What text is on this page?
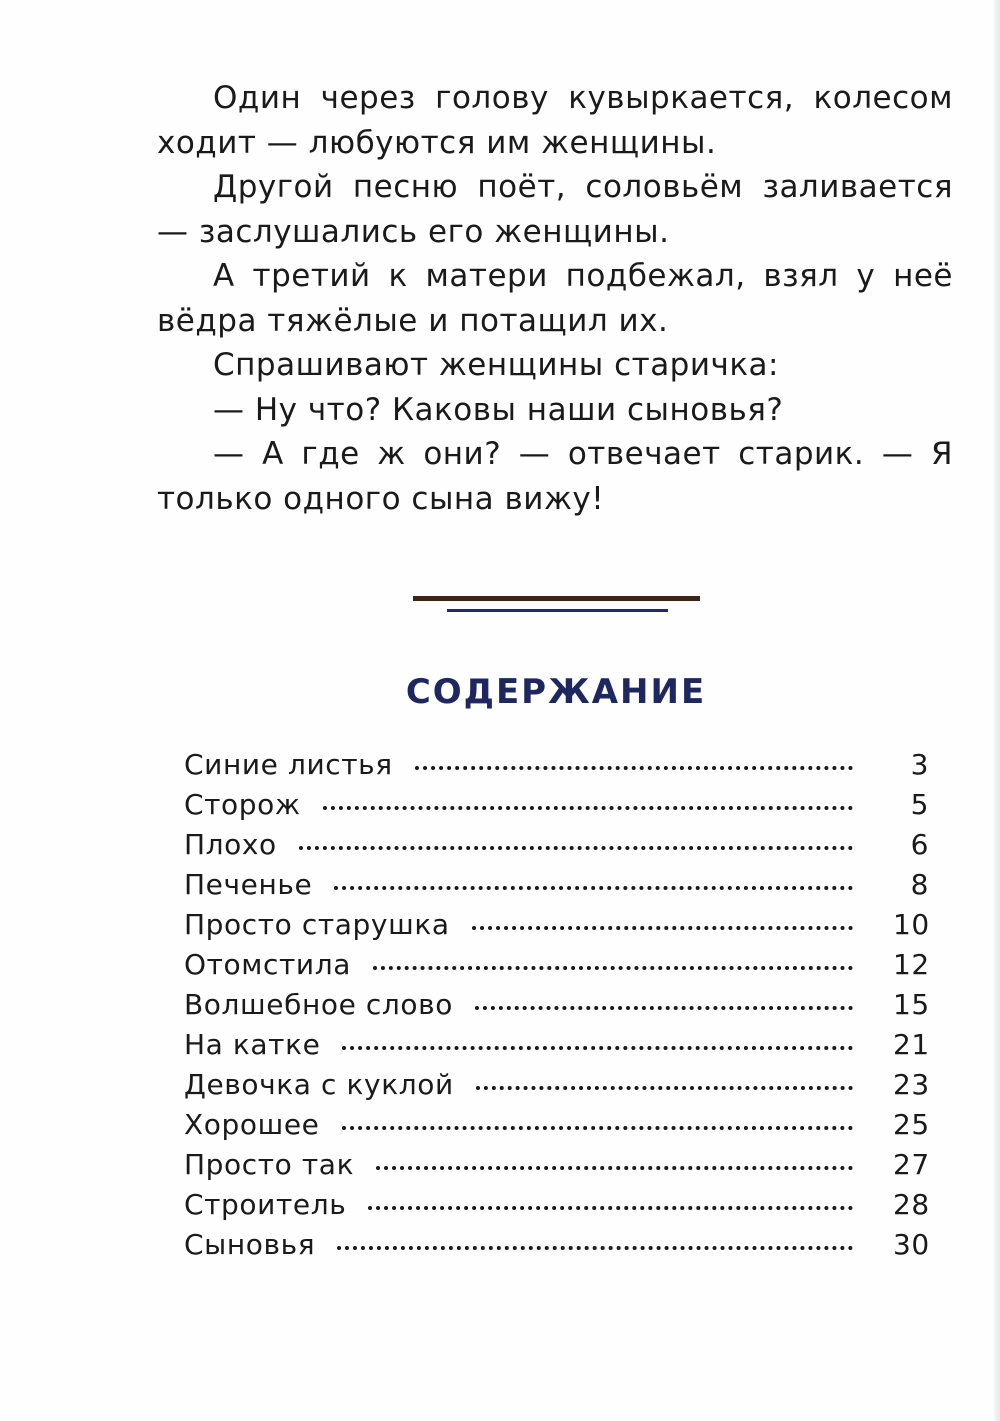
Один через голову кувыркается, колесом ходит — любуются им женщины.

Другой песню поёт, соловьём заливается — заслушались его женщины.

А третий к матери подбежал, взял у неё вёдра тяжёлые и потащил их.

Спрашивают женщины старичка:

— Ну что? Каковы наши сыновья?

— А где ж они? — отвечает старик. — Я только одного сына вижу!

СОДЕРЖАНИЕ
Синие листья	3
Сторож	5
Плохо	6
Печенье	8
Просто старушка	10
Отомстила	12
Волшебное слово	15
На катке	21
Девочка с куклой	23
Хорошее	25
Просто так	27
Строитель	28
Сыновья	30
